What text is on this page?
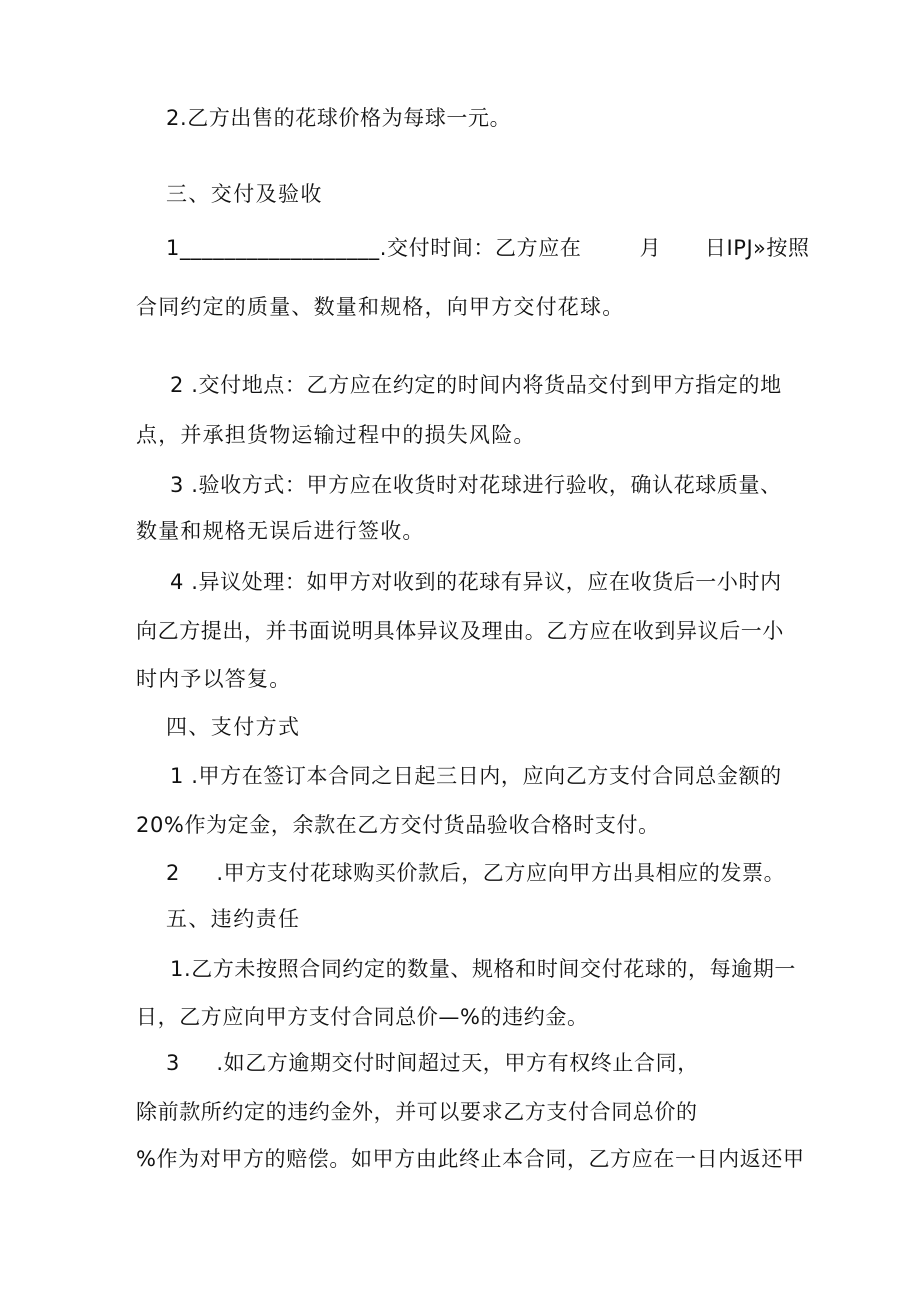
2.乙方出售的花球价格为每球一元。
三、交付及验收
1__________________.交付时间：乙方应在        月      日IPJ»按照
合同约定的质量、数量和规格，向甲方交付花球。
2 .交付地点：乙方应在约定的时间内将货品交付到甲方指定的地
点，并承担货物运输过程中的损失风险。
3 .验收方式：甲方应在收货时对花球进行验收，确认花球质量、
数量和规格无误后进行签收。
4 .异议处理：如甲方对收到的花球有异议，应在收货后一小时内
向乙方提出，并书面说明具体异议及理由。乙方应在收到异议后一小
时内予以答复。
四、支付方式
1 .甲方在签订本合同之日起三日内，应向乙方支付合同总金额的
20%作为定金，余款在乙方交付货品验收合格时支付。
2     .甲方支付花球购买价款后，乙方应向甲方出具相应的发票。
五、违约责任
1.乙方未按照合同约定的数量、规格和时间交付花球的，每逾期一
日，乙方应向甲方支付合同总价—%的违约金。
3     .如乙方逾期交付时间超过天，甲方有权终止合同，
除前款所约定的违约金外，并可以要求乙方支付合同总价的
%作为对甲方的赔偿。如甲方由此终止本合同，乙方应在一日内返还甲
